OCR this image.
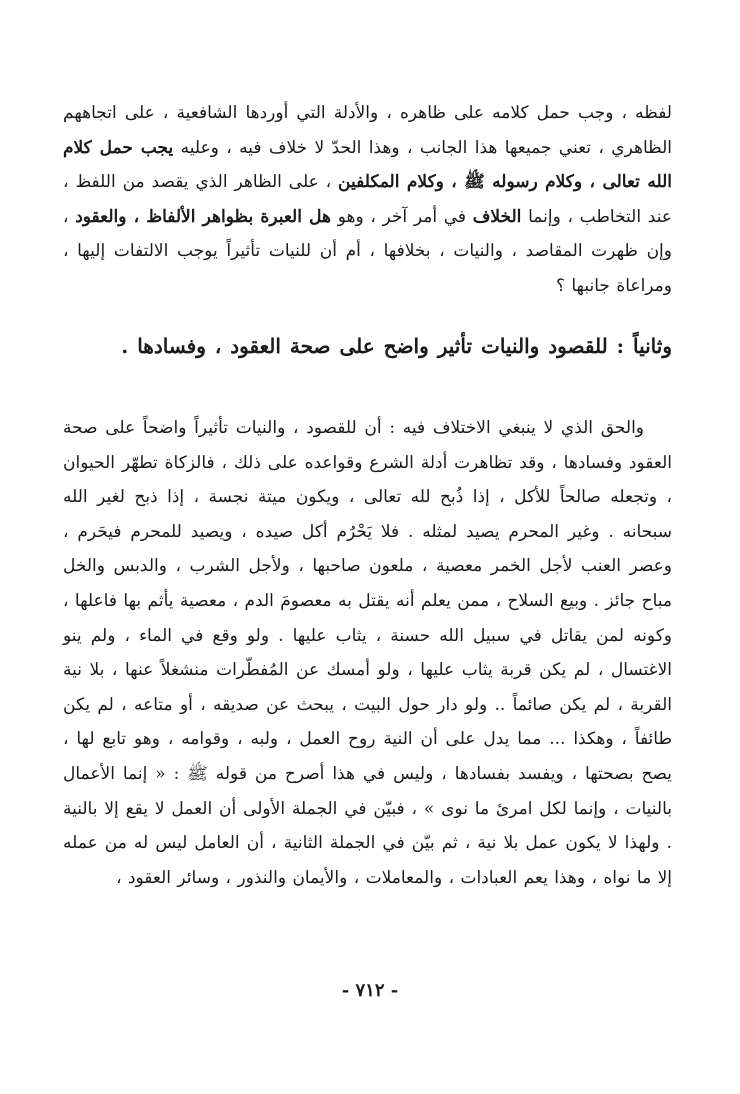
لفظه ، وجب حمل كلامه على ظاهره ، والأدلة التي أوردها الشافعية ، على اتجاههم الظاهري ، تعني جميعها هذا الجانب ، وهذا الحدّ لا خلاف فيه ، وعليه يجب حمل كلام الله تعالى ، وكلام رسوله ﷺ ، وكلام المكلفين ، على الظاهر الذي يقصد من اللفظ ، عند التخاطب ، وإنما الخلاف في أمر آخر ، وهو هل العبرة بظواهر الألفاظ ، والعقود ، وإن ظهرت المقاصد ، والنيات ، بخلافها ، أم أن للنيات تأثيراً يوجب الالتفات إليها ، ومراعاة جانبها ؟

وثانياً : للقصود والنيات تأثير واضح على صحة العقود ، وفسادها .

والحق الذي لا ينبغي الاختلاف فيه : أن للقصود ، والنيات تأثيراً واضحاً على صحة العقود وفسادها ، وقد تظاهرت أدلة الشرع وقواعده على ذلك ، فالزكاة تطهّر الحيوان ، وتجعله صالحاً للأكل ، إذا ذُبح لله تعالى ، ويكون ميتة نجسة ، إذا ذبح لغير الله سبحانه . وغير المحرم يصيد لمثله . فلا يَحْرُم أكل صيده ، ويصيد للمحرم فيحَرم ، وعصر العنب لأجل الخمر معصية ، ملعون صاحبها ، ولأجل الشرب ، والدبس والخل مباح جائز . وبيع السلاح ، ممن يعلم أنه يقتل به معصومَ الدم ، معصية يأثم بها فاعلها ، وكونه لمن يقاتل في سبيل الله حسنة ، يثاب عليها . ولو وقع في الماء ، ولم ينو الاغتسال ، لم يكن قربة يثاب عليها ، ولو أمسك عن المُفطّرات منشغلاً عنها ، بلا نية القربة ، لم يكن صائماً .. ولو دار حول البيت ، يبحث عن صديقه ، أو متاعه ، لم يكن طائفاً ، وهكذا ... مما يدل على أن النية روح العمل ، ولبه ، وقوامه ، وهو تابع لها ، يصح بصحتها ، ويفسد بفسادها ، وليس في هذا أصرح من قوله ﷺ : « إنما الأعمال بالنيات ، وإنما لكل امرئ ما نوى » ، فبيّن في الجملة الأولى أن العمل لا يقع إلا بالنية . ولهذا لا يكون عمل بلا نية ، ثم بيّن في الجملة الثانية ، أن العامل ليس له من عمله إلا ما نواه ، وهذا يعم العبادات ، والمعاملات ، والأيمان والنذور ، وسائر العقود ،

- ٧١٢ -
